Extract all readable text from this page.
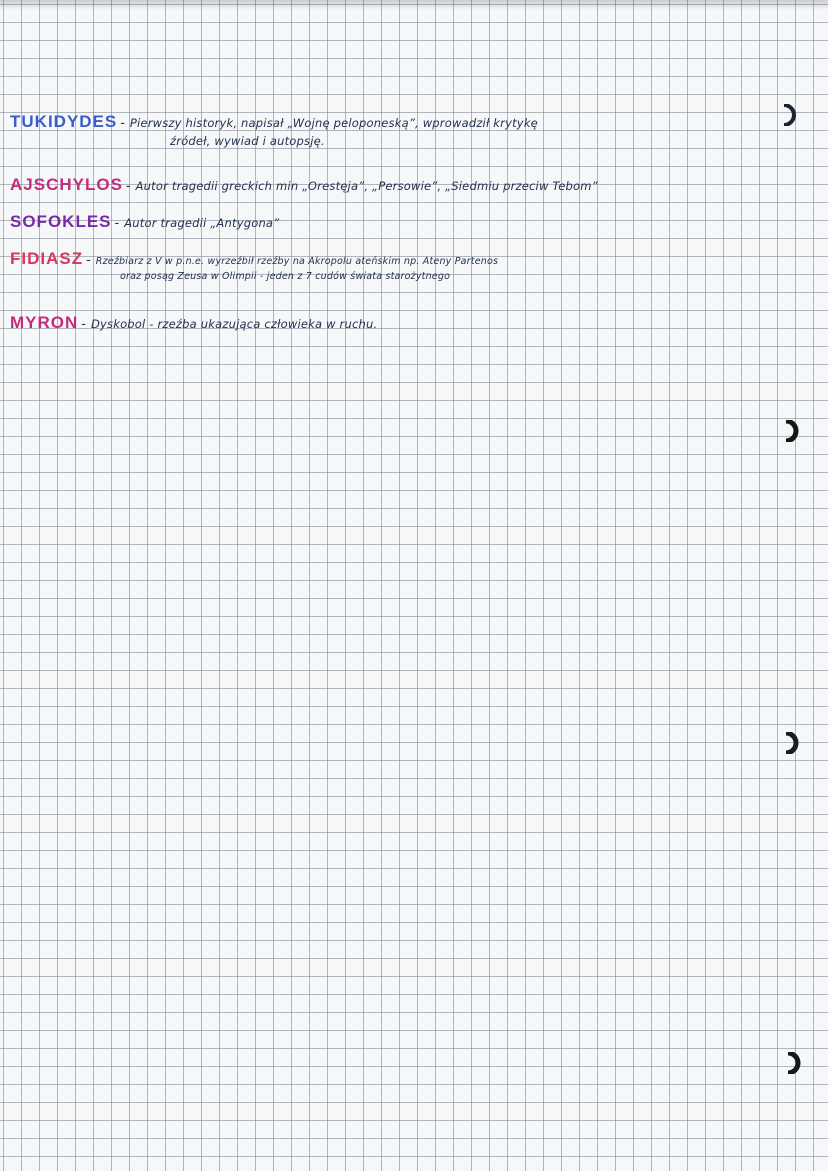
TUKIDYDES - Pierwszy historyk, napisał „Wojnę peloponeską”, wprowadził krytykę
źródeł, wywiad i autopsję.
AJSCHYLOS - Autor tragedii greckich min „Orestęja”, „Persowie”, „Siedmiu przeciw Tebom”
SOFOKLES - Autor tragedii „Antygona”
FIDIASZ - Rzeźbiarz z V w p.n.e. wyrzeźbił rzeźby na Akropolu ateńskim np. Ateny Partenos
oraz posąg Zeusa w Olimpii - jeden z 7 cudów świata starożytnego
MYRON - Dyskobol - rzeźba ukazująca człowieka w ruchu.
